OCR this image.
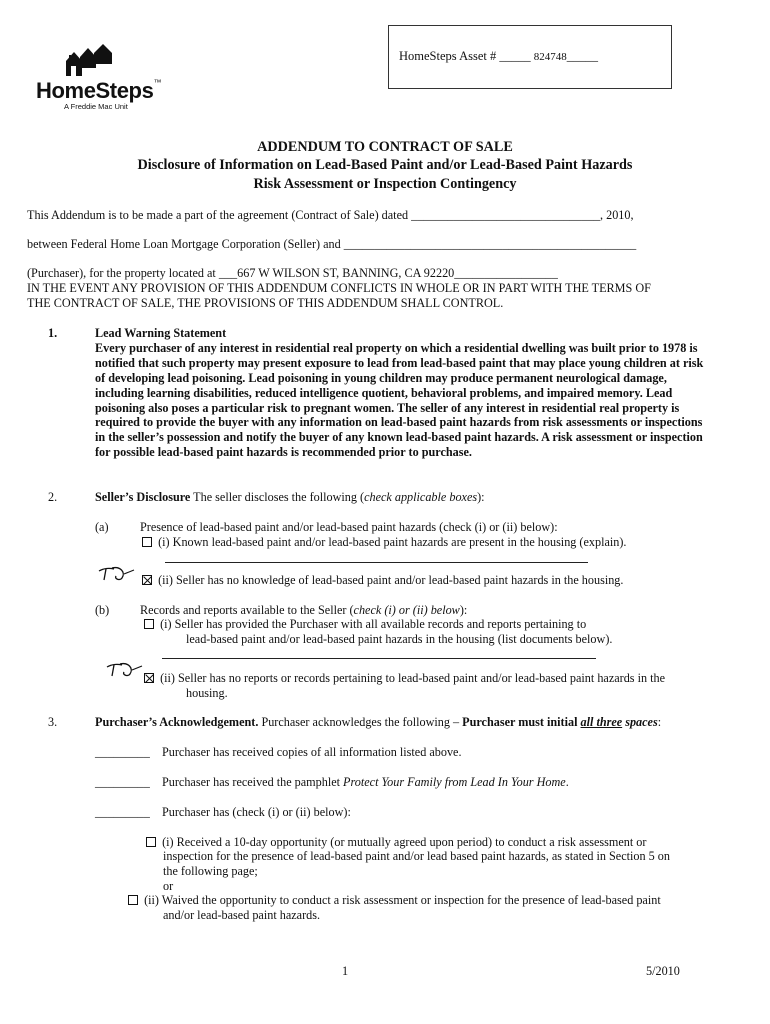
HomeSteps™
A Freddie Mac Unit
HomeSteps Asset # _____ 824748_____
ADDENDUM TO CONTRACT OF SALE
Disclosure of Information on Lead-Based Paint and/or Lead-Based Paint Hazards
Risk Assessment or Inspection Contingency
This Addendum is to be made a part of the agreement (Contract of Sale) dated _______________________________, 2010,
between Federal Home Loan Mortgage Corporation (Seller) and ________________________________________________
(Purchaser), for the property located at ___667 W WILSON ST, BANNING, CA 92220_________________
IN THE EVENT ANY PROVISION OF THIS ADDENDUM CONFLICTS IN WHOLE OR IN PART WITH THE TERMS OF
THE CONTRACT OF SALE, THE PROVISIONS OF THIS ADDENDUM SHALL CONTROL.
1.	Lead Warning Statement
Every purchaser of any interest in residential real property on which a residential dwelling was built prior to 1978 is notified that such property may present exposure to lead from lead-based paint that may place young children at risk of developing lead poisoning. Lead poisoning in young children may produce permanent neurological damage, including learning disabilities, reduced intelligence quotient, behavioral problems, and impaired memory. Lead poisoning also poses a particular risk to pregnant women. The seller of any interest in residential real property is required to provide the buyer with any information on lead-based paint hazards from risk assessments or inspections in the seller’s possession and notify the buyer of any known lead-based paint hazards. A risk assessment or inspection for possible lead-based paint hazards is recommended prior to purchase.
2.	Seller’s Disclosure The seller discloses the following (check applicable boxes):
(a)	Presence of lead-based paint and/or lead-based paint hazards (check (i) or (ii) below):
(i) Known lead-based paint and/or lead-based paint hazards are present in the housing (explain).
(ii) Seller has no knowledge of lead-based paint and/or lead-based paint hazards in the housing.
(b)	Records and reports available to the Seller (check (i) or (ii) below):
(i) Seller has provided the Purchaser with all available records and reports pertaining to
lead-based paint and/or lead-based paint hazards in the housing (list documents below).
(ii) Seller has no reports or records pertaining to lead-based paint and/or lead-based paint hazards in the
housing.
3.	Purchaser’s Acknowledgement. Purchaser acknowledges the following – Purchaser must initial all three spaces:
_________ Purchaser has received copies of all information listed above.
_________ Purchaser has received the pamphlet Protect Your Family from Lead In Your Home.
_________ Purchaser has (check (i) or (ii) below):
(i) Received a 10-day opportunity (or mutually agreed upon period) to conduct a risk assessment or
inspection for the presence of lead-based paint and/or lead based paint hazards, as stated in Section 5 on
the following page;
or
(ii) Waived the opportunity to conduct a risk assessment or inspection for the presence of lead-based paint
and/or lead-based paint hazards.
1	5/2010
